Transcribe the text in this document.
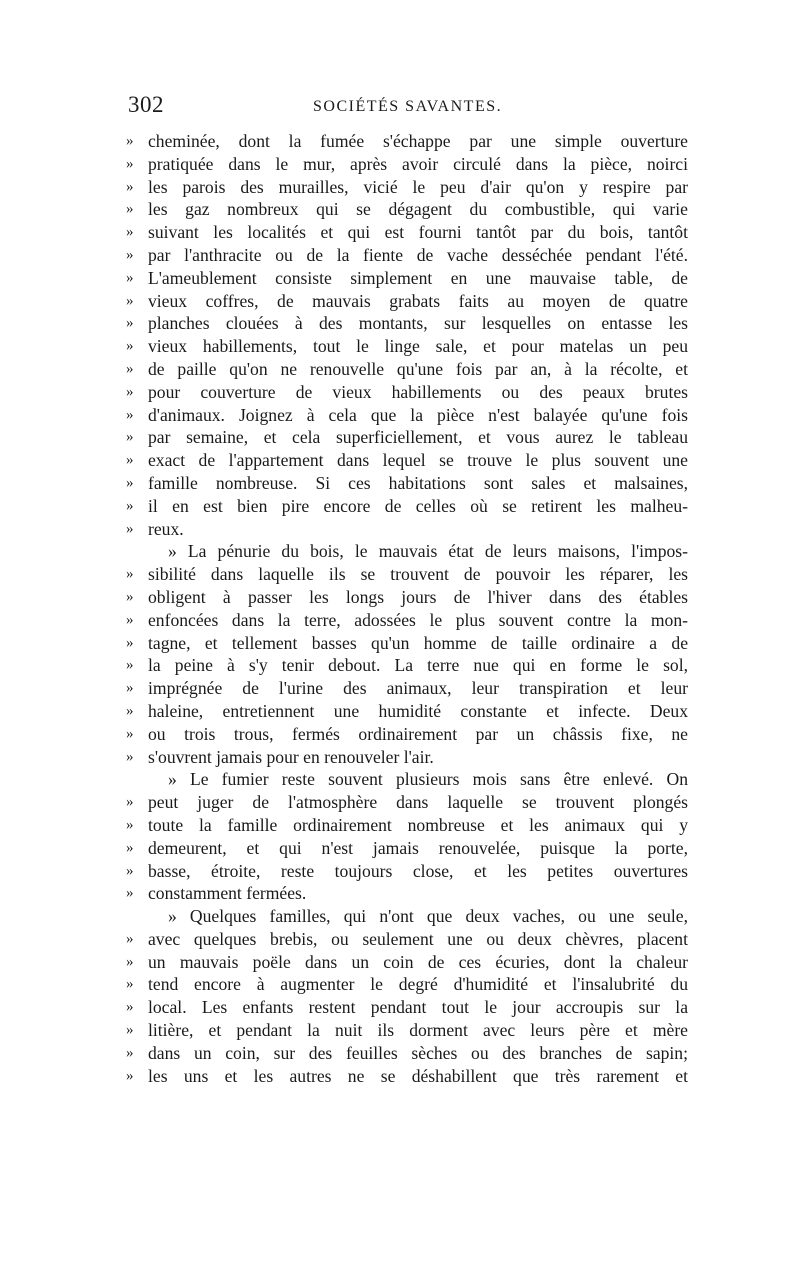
302	SOCIÉTÉS SAVANTES.
» cheminée, dont la fumée s'échappe par une simple ouverture
» pratiquée dans le mur, après avoir circulé dans la pièce, noirci
» les parois des murailles, vicié le peu d'air qu'on y respire par
» les gaz nombreux qui se dégagent du combustible, qui varie
» suivant les localités et qui est fourni tantôt par du bois, tantôt
» par l'anthracite ou de la fiente de vache desséchée pendant l'été.
» L'ameublement consiste simplement en une mauvaise table, de
» vieux coffres, de mauvais grabats faits au moyen de quatre
» planches clouées à des montants, sur lesquelles on entasse les
» vieux habillements, tout le linge sale, et pour matelas un peu
» de paille qu'on ne renouvelle qu'une fois par an, à la récolte, et
» pour couverture de vieux habillements ou des peaux brutes
» d'animaux. Joignez à cela que la pièce n'est balayée qu'une fois
» par semaine, et cela superficiellement, et vous aurez le tableau
» exact de l'appartement dans lequel se trouve le plus souvent une
» famille nombreuse. Si ces habitations sont sales et malsaines,
» il en est bien pire encore de celles où se retirent les malheu-
» reux.
» La pénurie du bois, le mauvais état de leurs maisons, l'impos-
» sibilité dans laquelle ils se trouvent de pouvoir les réparer, les
» obligent à passer les longs jours de l'hiver dans des étables
» enfoncées dans la terre, adossées le plus souvent contre la mon-
» tagne, et tellement basses qu'un homme de taille ordinaire a de
» la peine à s'y tenir debout. La terre nue qui en forme le sol,
» imprégnée de l'urine des animaux, leur transpiration et leur
» haleine, entretiennent une humidité constante et infecte. Deux
» ou trois trous, fermés ordinairement par un châssis fixe, ne
» s'ouvrent jamais pour en renouveler l'air.
» Le fumier reste souvent plusieurs mois sans être enlevé. On
» peut juger de l'atmosphère dans laquelle se trouvent plongés
» toute la famille ordinairement nombreuse et les animaux qui y
» demeurent, et qui n'est jamais renouvelée, puisque la porte,
» basse, étroite, reste toujours close, et les petites ouvertures
» constamment fermées.
» Quelques familles, qui n'ont que deux vaches, ou une seule,
» avec quelques brebis, ou seulement une ou deux chèvres, placent
» un mauvais poële dans un coin de ces écuries, dont la chaleur
» tend encore à augmenter le degré d'humidité et l'insalubrité du
» local. Les enfants restent pendant tout le jour accroupis sur la
» litière, et pendant la nuit ils dorment avec leurs père et mère
» dans un coin, sur des feuilles sèches ou des branches de sapin;
» les uns et les autres ne se déshabillent que très rarement et
